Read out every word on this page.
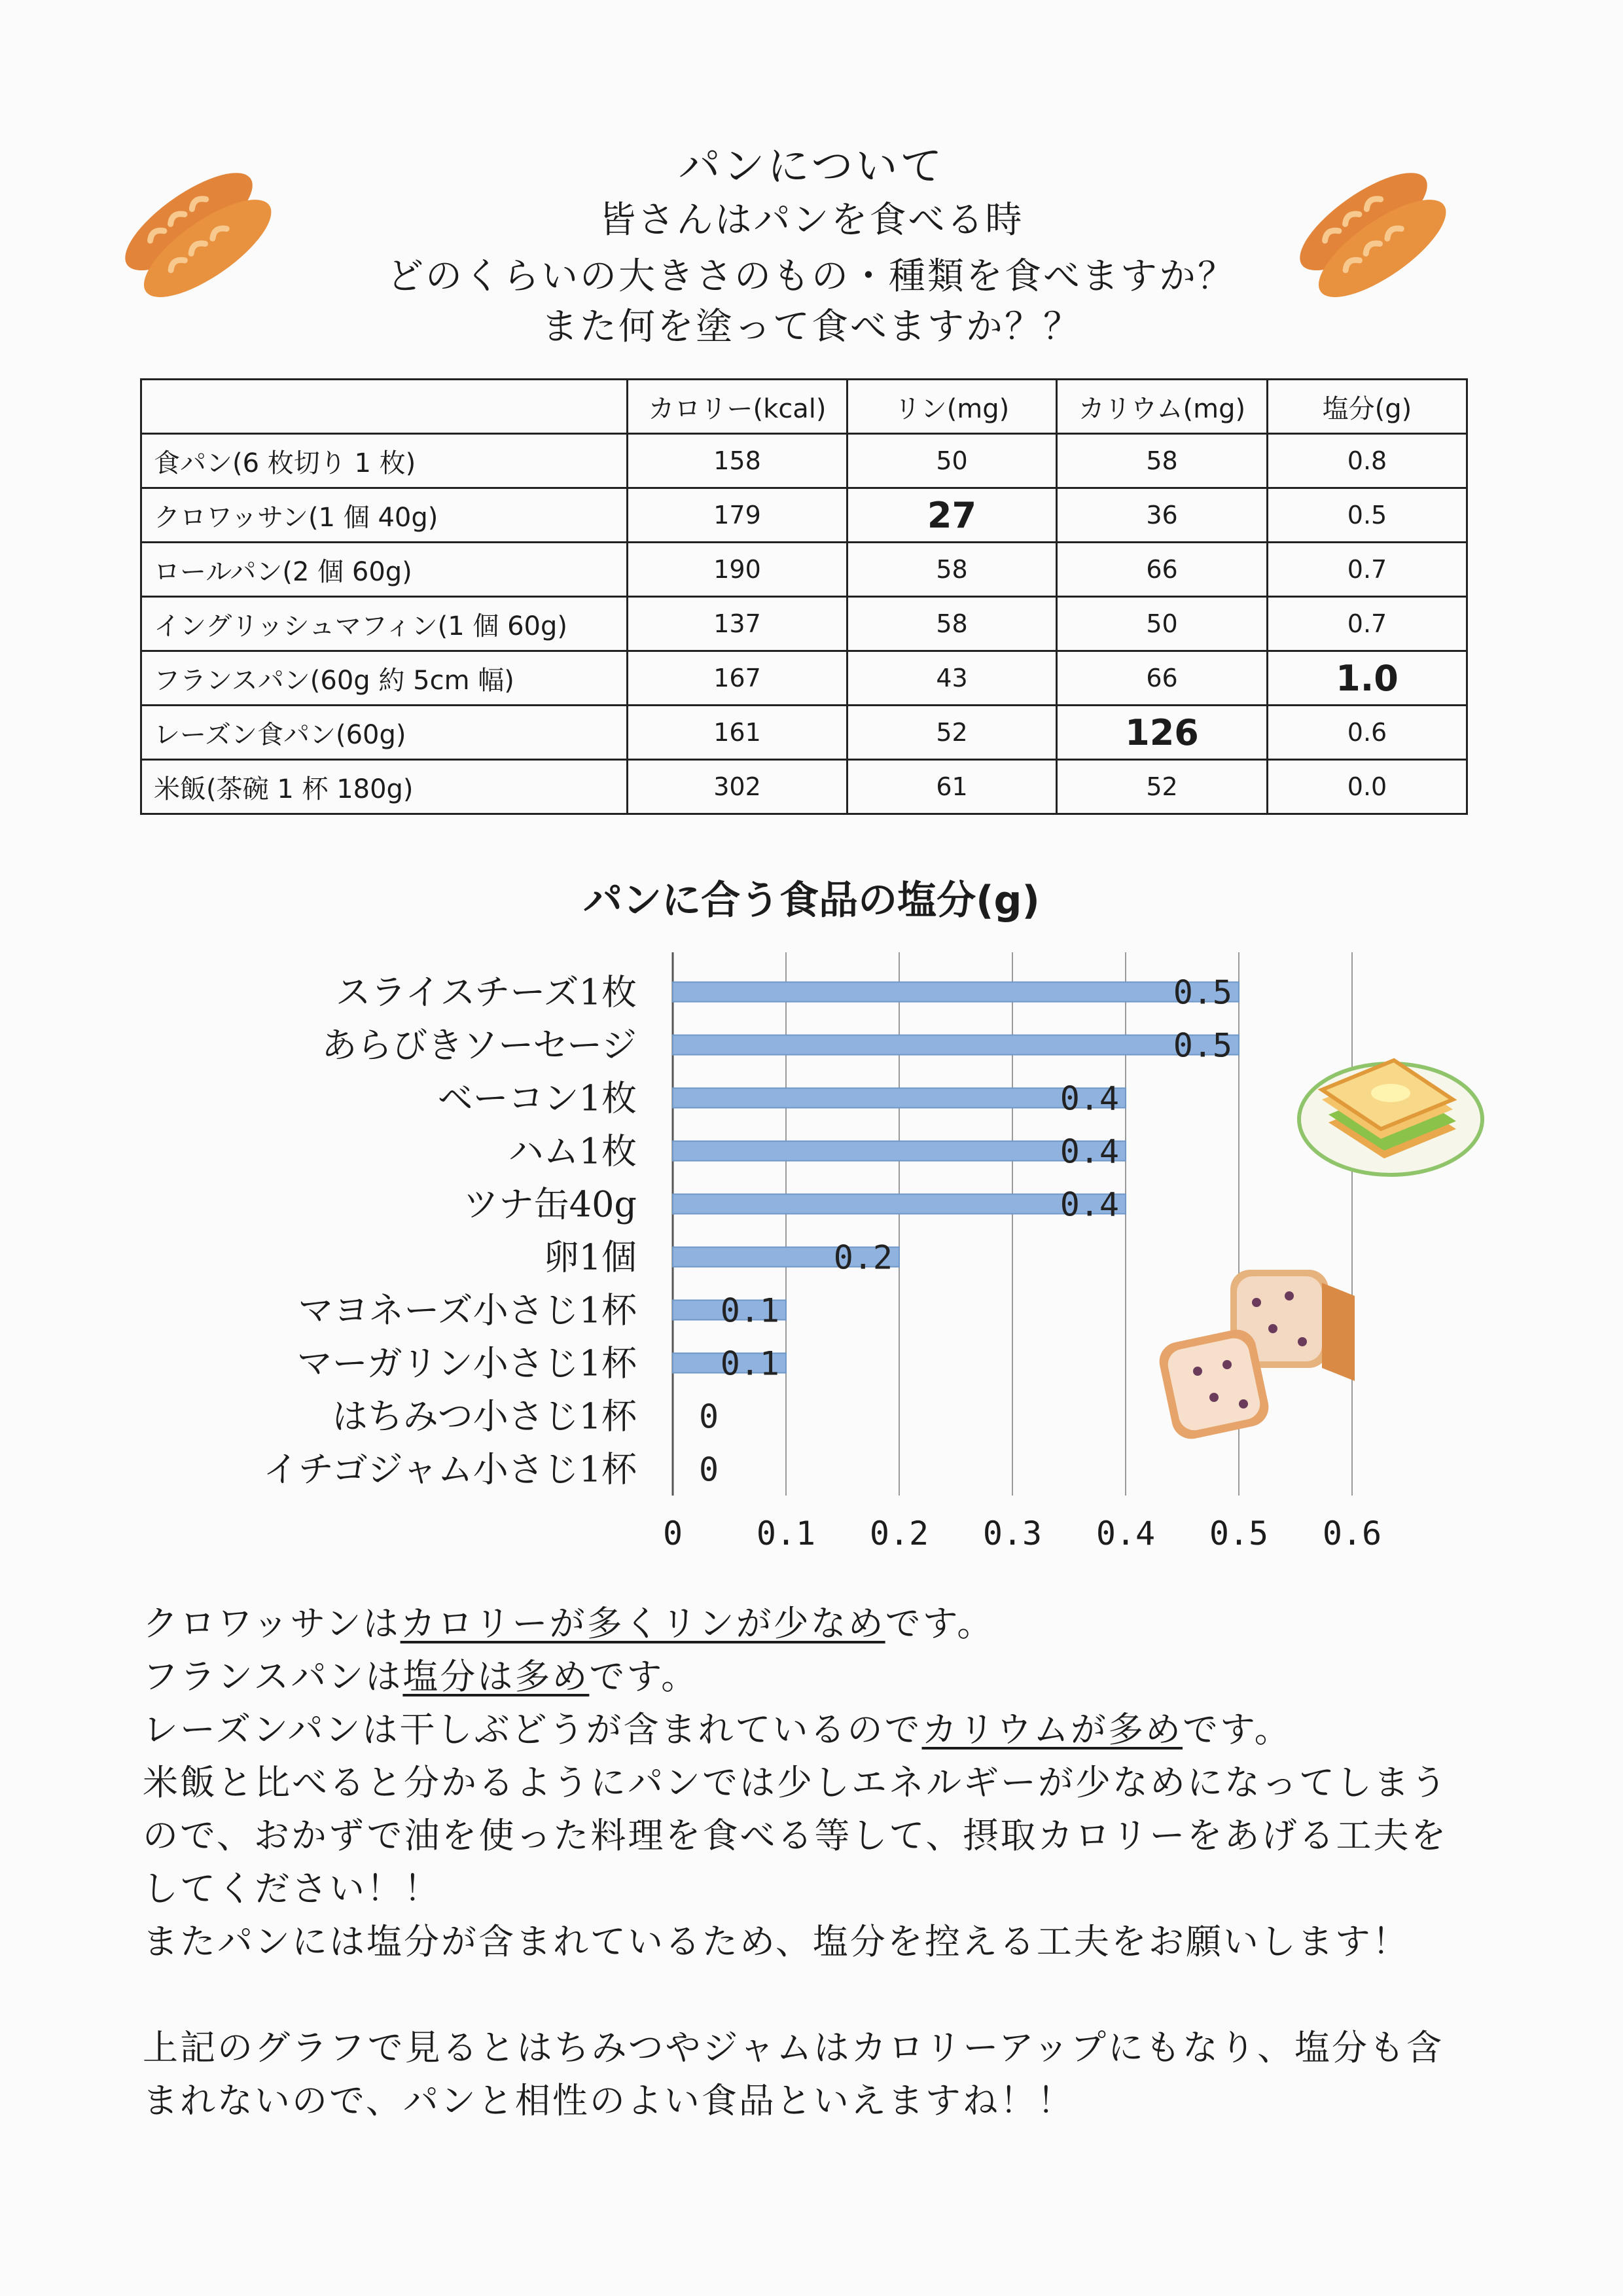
パンについて
皆さんはパンを食べる時
どのくらいの大きさのもの・種類を食べますか？
また何を塗って食べますか？？
	カロリー(kcal)	リン(mg)	カリウム(mg)	塩分(g)
食パン(6 枚切り 1 枚)	158	50	58	0.8
クロワッサン(1 個 40g)	179	27	36	0.5
ロールパン(2 個 60g)	190	58	66	0.7
イングリッシュマフィン(1 個 60g)	137	58	50	0.7
フランスパン(60g 約 5cm 幅)	167	43	66	1.0
レーズン食パン(60g)	161	52	126	0.6
米飯(茶碗 1 杯 180g)	302	61	52	0.0
パンに合う食品の塩分(g)
0 0.1 0.2 0.3 0.4 0.5 0.6
スライスチーズ1枚	0.5
あらびきソーセージ	0.5
ベーコン1枚	0.4
ハム1枚	0.4
ツナ缶40g	0.4
卵1個	0.2
マヨネーズ小さじ1杯	0.1
マーガリン小さじ1杯	0.1
はちみつ小さじ1杯 0
イチゴジャム小さじ1杯 0
クロワッサンはカロリーが多くリンが少なめです。
フランスパンは塩分は多めです。
レーズンパンは干しぶどうが含まれているのでカリウムが多めです。
米飯と比べると分かるようにパンでは少しエネルギーが少なめになってしまうので、おかずで油を使った料理を食べる等して、摂取カロリーをあげる工夫をしてください！！
またパンには塩分が含まれているため、塩分を控える工夫をお願いします！
上記のグラフで見るとはちみつやジャムはカロリーアップにもなり、塩分も含まれないので、パンと相性のよい食品といえますね！！
